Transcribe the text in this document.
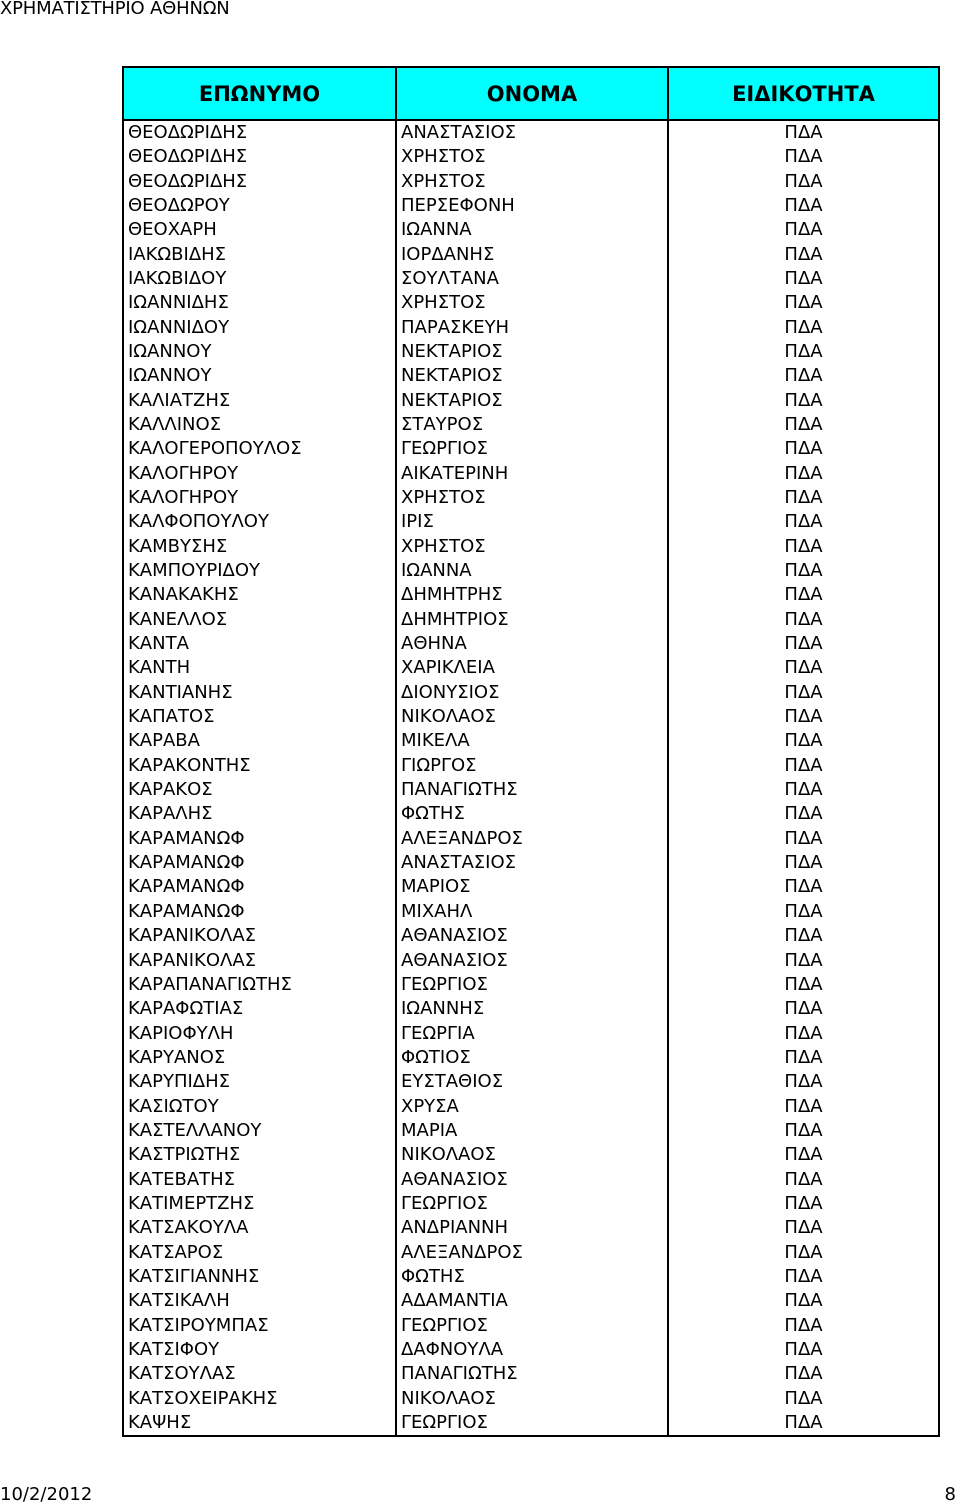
ΧΡΗΜΑΤΙΣΤΗΡΙΟ ΑΘΗΝΩΝ
ΕΠΩΝΥΜΟ	ΟΝΟΜΑ	ΕΙΔΙΚΟΤΗΤΑ
ΘΕΟΔΩΡΙΔΗΣ	ΑΝΑΣΤΑΣΙΟΣ	ΠΔΑ
ΘΕΟΔΩΡΙΔΗΣ	ΧΡΗΣΤΟΣ	ΠΔΑ
ΘΕΟΔΩΡΙΔΗΣ	ΧΡΗΣΤΟΣ	ΠΔΑ
ΘΕΟΔΩΡΟΥ	ΠΕΡΣΕΦΟΝΗ	ΠΔΑ
ΘΕΟΧΑΡΗ	ΙΩΑΝΝΑ	ΠΔΑ
ΙΑΚΩΒΙΔΗΣ	ΙΟΡΔΑΝΗΣ	ΠΔΑ
ΙΑΚΩΒΙΔΟΥ	ΣΟΥΛΤΑΝΑ	ΠΔΑ
ΙΩΑΝΝΙΔΗΣ	ΧΡΗΣΤΟΣ	ΠΔΑ
ΙΩΑΝΝΙΔΟΥ	ΠΑΡΑΣΚΕΥΗ	ΠΔΑ
ΙΩΑΝΝΟΥ	ΝΕΚΤΑΡΙΟΣ	ΠΔΑ
ΙΩΑΝΝΟΥ	ΝΕΚΤΑΡΙΟΣ	ΠΔΑ
ΚΑΛΙΑΤΖΗΣ	ΝΕΚΤΑΡΙΟΣ	ΠΔΑ
ΚΑΛΛΙΝΟΣ	ΣΤΑΥΡΟΣ	ΠΔΑ
ΚΑΛΟΓΕΡΟΠΟΥΛΟΣ	ΓΕΩΡΓΙΟΣ	ΠΔΑ
ΚΑΛΟΓΗΡΟΥ	ΑΙΚΑΤΕΡΙΝΗ	ΠΔΑ
ΚΑΛΟΓΗΡΟΥ	ΧΡΗΣΤΟΣ	ΠΔΑ
ΚΑΛΦΟΠΟΥΛΟΥ	ΙΡΙΣ	ΠΔΑ
ΚΑΜΒΥΣΗΣ	ΧΡΗΣΤΟΣ	ΠΔΑ
ΚΑΜΠΟΥΡΙΔΟΥ	ΙΩΑΝΝΑ	ΠΔΑ
ΚΑΝΑΚΑΚΗΣ	ΔΗΜΗΤΡΗΣ	ΠΔΑ
ΚΑΝΕΛΛΟΣ	ΔΗΜΗΤΡΙΟΣ	ΠΔΑ
ΚΑΝΤΑ	ΑΘΗΝΑ	ΠΔΑ
ΚΑΝΤΗ	ΧΑΡΙΚΛΕΙΑ	ΠΔΑ
ΚΑΝΤΙΑΝΗΣ	ΔΙΟΝΥΣΙΟΣ	ΠΔΑ
ΚΑΠΑΤΟΣ	ΝΙΚΟΛΑΟΣ	ΠΔΑ
ΚΑΡΑΒΑ	ΜΙΚΕΛΑ	ΠΔΑ
ΚΑΡΑΚΟΝΤΗΣ	ΓΙΩΡΓΟΣ	ΠΔΑ
ΚΑΡΑΚΟΣ	ΠΑΝΑΓΙΩΤΗΣ	ΠΔΑ
ΚΑΡΑΛΗΣ	ΦΩΤΗΣ	ΠΔΑ
ΚΑΡΑΜΑΝΩΦ	ΑΛΕΞΑΝΔΡΟΣ	ΠΔΑ
ΚΑΡΑΜΑΝΩΦ	ΑΝΑΣΤΑΣΙΟΣ	ΠΔΑ
ΚΑΡΑΜΑΝΩΦ	ΜΑΡΙΟΣ	ΠΔΑ
ΚΑΡΑΜΑΝΩΦ	ΜΙΧΑΗΛ	ΠΔΑ
ΚΑΡΑΝΙΚΟΛΑΣ	ΑΘΑΝΑΣΙΟΣ	ΠΔΑ
ΚΑΡΑΝΙΚΟΛΑΣ	ΑΘΑΝΑΣΙΟΣ	ΠΔΑ
ΚΑΡΑΠΑΝΑΓΙΩΤΗΣ	ΓΕΩΡΓΙΟΣ	ΠΔΑ
ΚΑΡΑΦΩΤΙΑΣ	ΙΩΑΝΝΗΣ	ΠΔΑ
ΚΑΡΙΟΦΥΛΗ	ΓΕΩΡΓΙΑ	ΠΔΑ
ΚΑΡΥΑΝΟΣ	ΦΩΤΙΟΣ	ΠΔΑ
ΚΑΡΥΠΙΔΗΣ	ΕΥΣΤΑΘΙΟΣ	ΠΔΑ
ΚΑΣΙΩΤΟΥ	ΧΡΥΣΑ	ΠΔΑ
ΚΑΣΤΕΛΛΑΝΟΥ	ΜΑΡΙΑ	ΠΔΑ
ΚΑΣΤΡΙΩΤΗΣ	ΝΙΚΟΛΑΟΣ	ΠΔΑ
ΚΑΤΕΒΑΤΗΣ	ΑΘΑΝΑΣΙΟΣ	ΠΔΑ
ΚΑΤΙΜΕΡΤΖΗΣ	ΓΕΩΡΓΙΟΣ	ΠΔΑ
ΚΑΤΣΑΚΟΥΛΑ	ΑΝΔΡΙΑΝΝΗ	ΠΔΑ
ΚΑΤΣΑΡΟΣ	ΑΛΕΞΑΝΔΡΟΣ	ΠΔΑ
ΚΑΤΣΙΓΙΑΝΝΗΣ	ΦΩΤΗΣ	ΠΔΑ
ΚΑΤΣΙΚΑΛΗ	ΑΔΑΜΑΝΤΙΑ	ΠΔΑ
ΚΑΤΣΙΡΟΥΜΠΑΣ	ΓΕΩΡΓΙΟΣ	ΠΔΑ
ΚΑΤΣΙΦΟΥ	ΔΑΦΝΟΥΛΑ	ΠΔΑ
ΚΑΤΣΟΥΛΑΣ	ΠΑΝΑΓΙΩΤΗΣ	ΠΔΑ
ΚΑΤΣΟΧΕΙΡΑΚΗΣ	ΝΙΚΟΛΑΟΣ	ΠΔΑ
ΚΑΨΗΣ	ΓΕΩΡΓΙΟΣ	ΠΔΑ
10/2/2012	8
